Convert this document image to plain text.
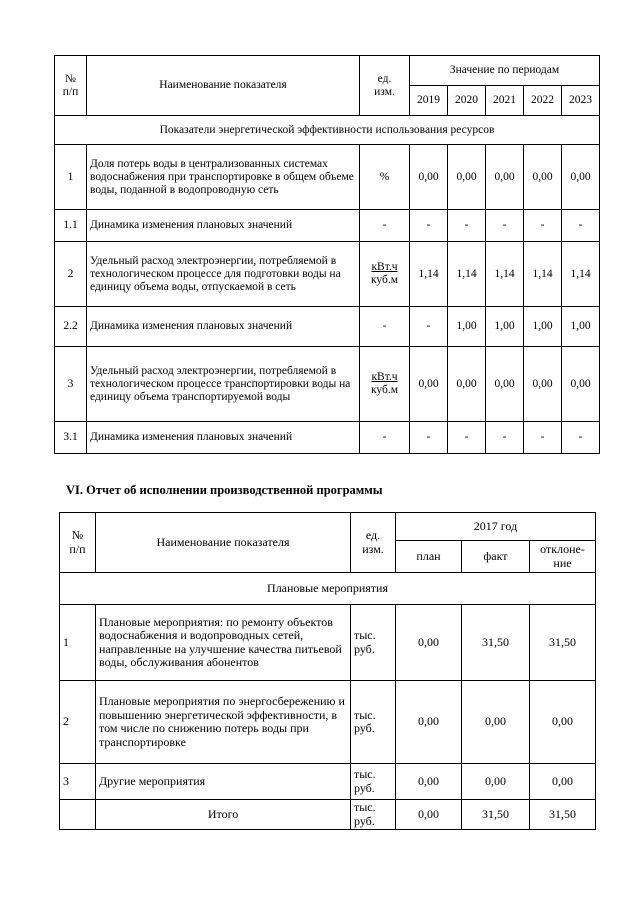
№
п/п	Наименование показателя	ед.
изм.	Значение по периодам				
			2019	2020	2021	2022	2023
Показатели энергетической эффективности использования ресурсов							
1	Доля потерь воды в централизованных системах водоснабжения при транспортировке в общем объеме воды, поданной в водопроводную сеть	%	0,00	0,00	0,00	0,00	0,00
1.1	Динамика изменения плановых значений	-	-	-	-	-	-
2	Удельный расход электроэнергии, потребляемой в технологическом процессе для подготовки воды на единицу объема воды, отпускаемой в сеть	кВт.ч
куб.м	1,14	1,14	1,14	1,14	1,14
2.2	Динамика изменения плановых значений	-	-	1,00	1,00	1,00	1,00
3	Удельный расход электроэнергии, потребляемой в технологическом процессе транспортировки воды на единицу объема транспортируемой воды	кВт.ч
куб.м	0,00	0,00	0,00	0,00	0,00
3.1	Динамика изменения плановых значений	-	-	-	-	-	-
VI. Отчет об исполнении производственной программы
№
п/п	Наименование показателя	ед.
изм.	2017 год		
			план	факт	отклоне-
ние
Плановые мероприятия					
1	Плановые мероприятия: по ремонту объектов водоснабжения и водопроводных сетей, направленные на улучшение качества питьевой воды, обслуживания абонентов	тыс.
руб.	0,00	31,50	31,50
2	Плановые мероприятия по энергосбережению и повышению энергетической эффективности, в том числе по снижению потерь воды при транспортировке	тыс.
руб.	0,00	0,00	0,00
3	Другие мероприятия	тыс.
руб.	0,00	0,00	0,00
	Итого	тыс.
руб.	0,00	31,50	31,50
